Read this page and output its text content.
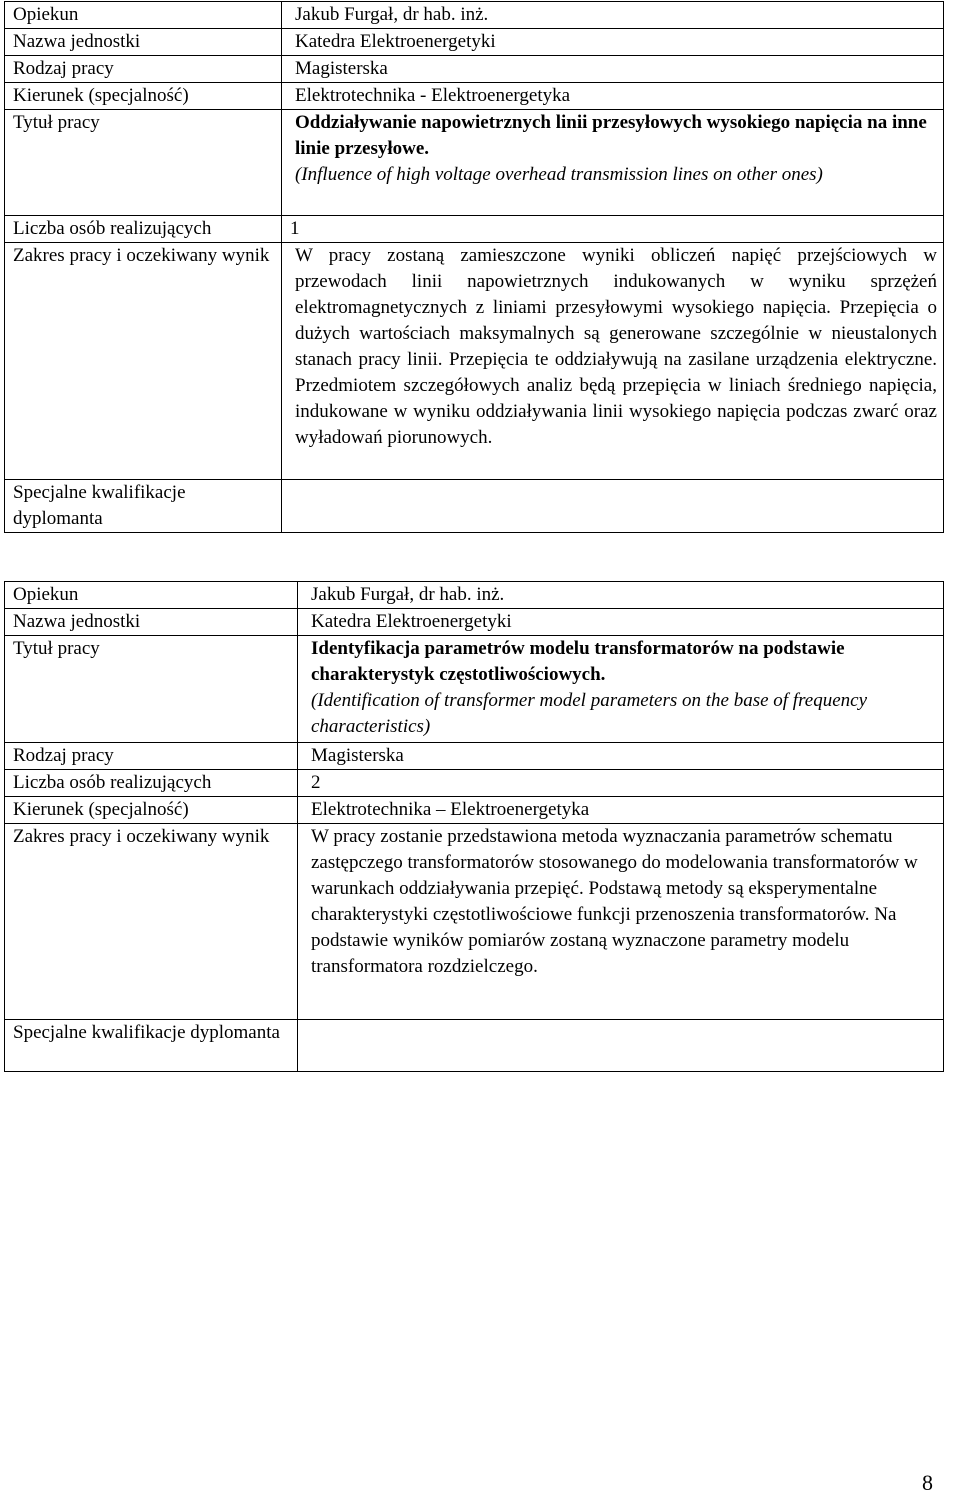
Opiekun	Jakub Furgał, dr hab. inż.
Nazwa jednostki	Katedra Elektroenergetyki
Rodzaj pracy	Magisterska
Kierunek (specjalność)	Elektrotechnika - Elektroenergetyka
Tytuł pracy	Oddziaływanie napowietrznych linii przesyłowych wysokiego napięcia na inne linie przesyłowe.
(Influence of high voltage overhead transmission lines on other ones)

Liczba osób realizujących	1
Zakres pracy i oczekiwany wynik	W pracy zostaną zamieszczone wyniki obliczeń napięć przejściowych w przewodach linii napowietrznych indukowanych w wyniku sprzężeń elektromagnetycznych z liniami przesyłowymi wysokiego napięcia. Przepięcia o dużych wartościach maksymalnych są generowane szczególnie w nieustalonych stanach pracy linii. Przepięcia te oddziaływują na zasilane urządzenia elektryczne. Przedmiotem szczegółowych analiz będą przepięcia w liniach średniego napięcia, indukowane w wyniku oddziaływania linii wysokiego napięcia podczas zwarć oraz wyładowań piorunowych.
Specjalne kwalifikacje dyplomanta	
Opiekun	Jakub Furgał, dr hab. inż.
Nazwa jednostki	Katedra Elektroenergetyki
Tytuł pracy	Identyfikacja parametrów modelu transformatorów na podstawie charakterystyk częstotliwościowych.
(Identification of transformer model parameters on the base of frequency characteristics)

Rodzaj pracy	Magisterska
Liczba osób realizujących	2
Kierunek (specjalność)	Elektrotechnika – Elektroenergetyka
Zakres pracy i oczekiwany wynik	W pracy zostanie przedstawiona metoda wyznaczania parametrów schematu zastępczego transformatorów stosowanego do modelowania transformatorów w warunkach oddziaływania przepięć. Podstawą metody są eksperymentalne charakterystyki częstotliwościowe funkcji przenoszenia transformatorów. Na podstawie wyników pomiarów zostaną wyznaczone parametry modelu transformatora rozdzielczego.
Specjalne kwalifikacje dyplomanta	
8
